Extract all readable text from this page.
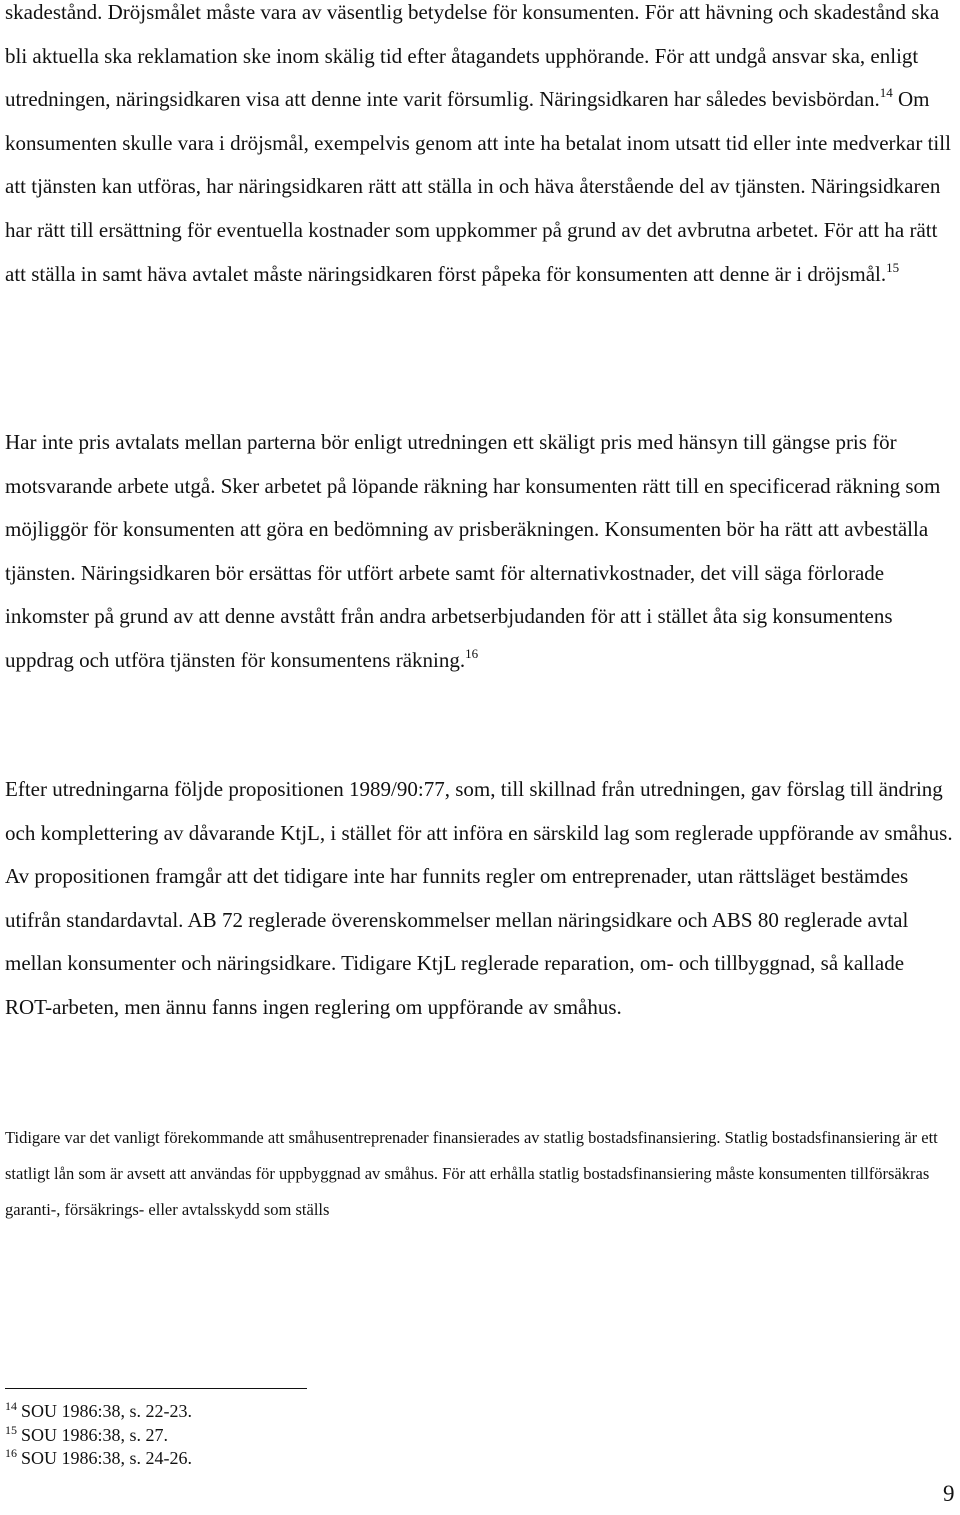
skadestånd. Dröjsmålet måste vara av väsentlig betydelse för konsumenten. För att hävning och skadestånd ska bli aktuella ska reklamation ske inom skälig tid efter åtagandets upphörande. För att undgå ansvar ska, enligt utredningen, näringsidkaren visa att denne inte varit försumlig. Näringsidkaren har således bevisbördan.$^{14}$ Om konsumenten skulle vara i dröjsmål, exempelvis genom att inte ha betalat inom utsatt tid eller inte medverkar till att tjänsten kan utföras, har näringsidkaren rätt att ställa in och häva återstående del av tjänsten. Näringsidkaren har rätt till ersättning för eventuella kostnader som uppkommer på grund av det avbrutna arbetet. För att ha rätt att ställa in samt häva avtalet måste näringsidkaren först påpeka för konsumenten att denne är i dröjsmål.$^{15}$

Har inte pris avtalats mellan parterna bör enligt utredningen ett skäligt pris med hänsyn till gängse pris för motsvarande arbete utgå. Sker arbetet på löpande räkning har konsumenten rätt till en specificerad räkning som möjliggör för konsumenten att göra en bedömning av prisberäkningen. Konsumenten bör ha rätt att avbeställa tjänsten. Näringsidkaren bör ersättas för utfört arbete samt för alternativkostnader, det vill säga förlorade inkomster på grund av att denne avstått från andra arbetserbjudanden för att i stället åta sig konsumentens uppdrag och utföra tjänsten för konsumentens räkning.$^{16}$

Efter utredningarna följde propositionen 1989/90:77, som, till skillnad från utredningen, gav förslag till ändring och komplettering av dåvarande KtjL, i stället för att införa en särskild lag som reglerade uppförande av småhus. Av propositionen framgår att det tidigare inte har funnits regler om entreprenader, utan rättsläget bestämdes utifrån standardavtal. AB 72 reglerade överenskommelser mellan näringsidkare och ABS 80 reglerade avtal mellan konsumenter och näringsidkare. Tidigare KtjL reglerade reparation, om- och tillbyggnad, så kallade ROT-arbeten, men ännu fanns ingen reglering om uppförande av småhus.

Tidigare var det vanligt förekommande att småhusentreprenader finansierades av statlig bostadsfinansiering. Statlig bostadsfinansiering är ett statligt lån som är avsett att användas för uppbyggnad av småhus. För att erhålla statlig bostadsfinansiering måste konsumenten tillförsäkras garanti-, försäkrings- eller avtalsskydd som ställs

$^{14}$ SOU 1986:38, s. 22-23.

$^{15}$ SOU 1986:38, s. 27.

$^{16}$ SOU 1986:38, s. 24-26.

9
